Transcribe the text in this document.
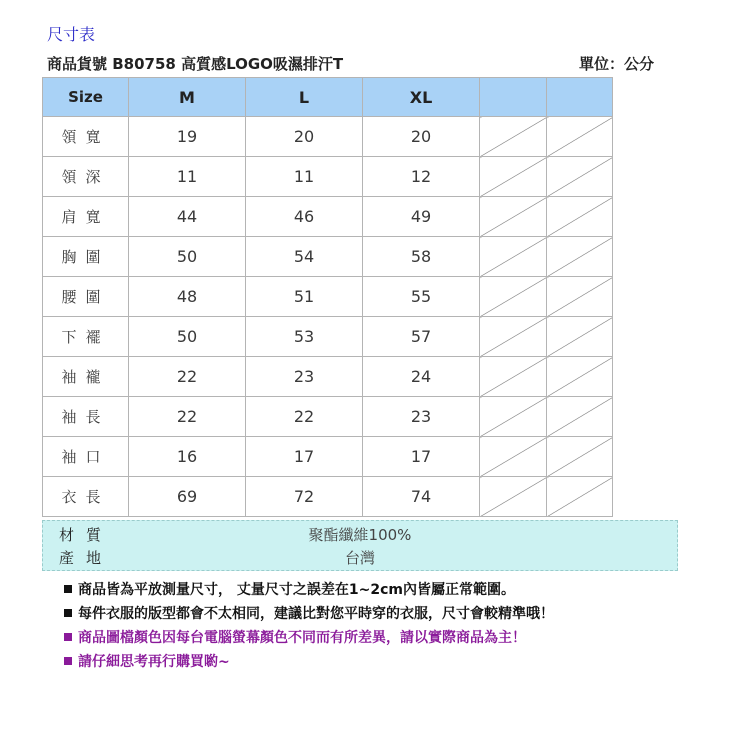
尺寸表
商品貨號 B80758 高質感LOGO吸濕排汗T	單位：公分
Size	M	L	XL		
領寬	19	20	20		
領深	11	11	12		
肩寬	44	46	49		
胸圍	50	54	58		
腰圍	48	51	55		
下襬	50	53	57		
袖襱	22	23	24		
袖長	22	22	23		
袖口	16	17	17		
衣長	69	72	74		
材質	聚酯纖維100%
產地	台灣
商品皆為平放測量尺寸， 丈量尺寸之誤差在1~2cm內皆屬正常範圍。
每件衣服的版型都會不太相同，建議比對您平時穿的衣服，尺寸會較精準哦！
商品圖檔顏色因每台電腦螢幕顏色不同而有所差異，請以實際商品為主！
請仔細思考再行購買喲~
